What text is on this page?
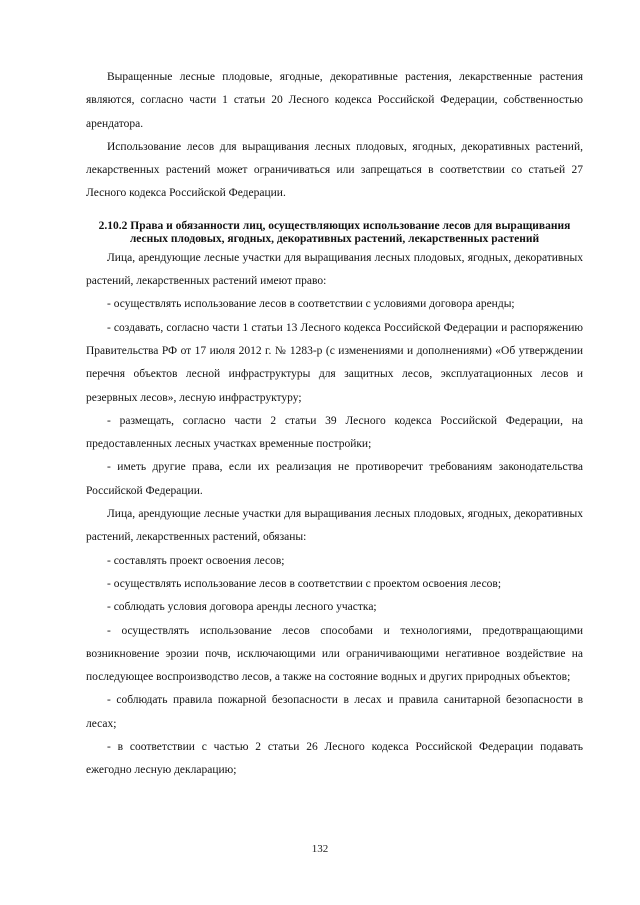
Выращенные лесные плодовые, ягодные, декоративные растения, лекарственные растения являются, согласно части 1 статьи 20 Лесного кодекса Российской Федерации, собственностью арендатора.

Использование лесов для выращивания лесных плодовых, ягодных, декоративных растений, лекарственных растений может ограничиваться или запрещаться в соответствии со статьей 27 Лесного кодекса Российской Федерации.

2.10.2 Права и обязанности лиц, осуществляющих использование лесов для выращивания лесных плодовых, ягодных, декоративных растений, лекарственных растений

Лица, арендующие лесные участки для выращивания лесных плодовых, ягодных, декоративных растений, лекарственных растений имеют право:

- осуществлять использование лесов в соответствии с условиями договора аренды;

- создавать, согласно части 1 статьи 13 Лесного кодекса Российской Федерации и распоряжению Правительства РФ от 17 июля 2012 г. № 1283-р (с изменениями и дополнениями) «Об утверждении перечня объектов лесной инфраструктуры для защитных лесов, эксплуатационных лесов и резервных лесов», лесную инфраструктуру;

- размещать, согласно части 2 статьи 39 Лесного кодекса Российской Федерации, на предоставленных лесных участках временные постройки;

- иметь другие права, если их реализация не противоречит требованиям законодательства Российской Федерации.

Лица, арендующие лесные участки для выращивания лесных плодовых, ягодных, декоративных растений, лекарственных растений, обязаны:

- составлять проект освоения лесов;

- осуществлять использование лесов в соответствии с проектом освоения лесов;

- соблюдать условия договора аренды лесного участка;

- осуществлять использование лесов способами и технологиями, предотвращающими возникновение эрозии почв, исключающими или ограничивающими негативное воздействие на последующее воспроизводство лесов, а также на состояние водных и других природных объектов;

- соблюдать правила пожарной безопасности в лесах и правила санитарной безопасности в лесах;

- в соответствии с частью 2 статьи 26 Лесного кодекса Российской Федерации подавать ежегодно лесную декларацию;

132
